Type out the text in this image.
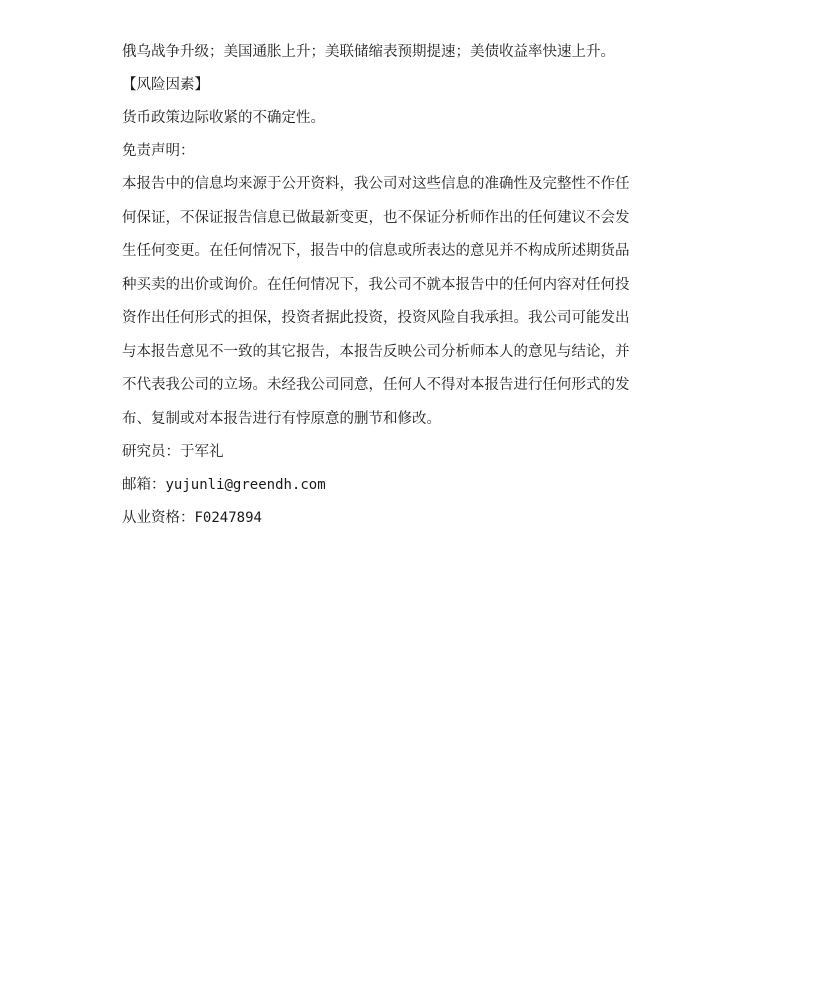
俄乌战争升级；美国通胀上升；美联储缩表预期提速；美债收益率快速上升。

【风险因素】

货币政策边际收紧的不确定性。

免责声明：

本报告中的信息均来源于公开资料，我公司对这些信息的准确性及完整性不作任
何保证，不保证报告信息已做最新变更，也不保证分析师作出的任何建议不会发
生任何变更。在任何情况下，报告中的信息或所表达的意见并不构成所述期货品
种买卖的出价或询价。在任何情况下，我公司不就本报告中的任何内容对任何投
资作出任何形式的担保，投资者据此投资，投资风险自我承担。我公司可能发出
与本报告意见不一致的其它报告，本报告反映公司分析师本人的意见与结论，并
不代表我公司的立场。未经我公司同意，任何人不得对本报告进行任何形式的发
布、复制或对本报告进行有悖原意的删节和修改。

研究员：于军礼

邮箱：yujunli@greendh.com

从业资格：F0247894
